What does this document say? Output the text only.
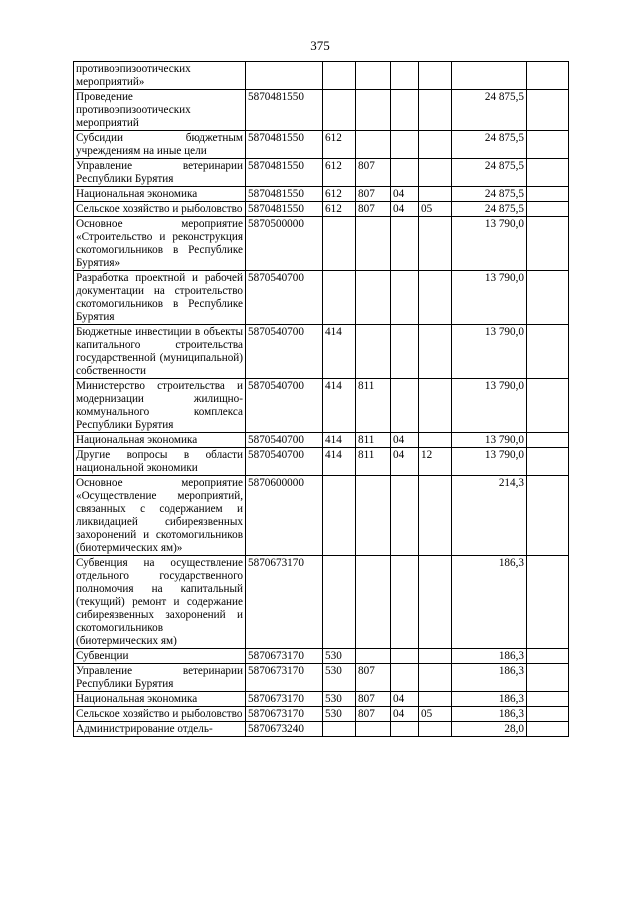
375
противоэпизоотических мероприятий»							
Проведение противоэпизоотических мероприятий	5870481550					24 875,5	
Субсидии бюджетным учреждениям на иные цели	5870481550	612				24 875,5	
Управление ветеринарии Республики Бурятия	5870481550	612	807			24 875,5	
Национальная экономика	5870481550	612	807	04		24 875,5	
Сельское хозяйство и рыболовство	5870481550	612	807	04	05	24 875,5	
Основное мероприятие «Строительство и реконструкция скотомогильников в Республике Бурятия»	5870500000					13 790,0	
Разработка проектной и рабочей документации на строительство скотомогильников в Республике Бурятия	5870540700					13 790,0	
Бюджетные инвестиции в объекты капитального строительства государственной (муниципальной) собственности	5870540700	414				13 790,0	
Министерство строительства и модернизации жилищно-коммунального комплекса Республики Бурятия	5870540700	414	811			13 790,0	
Национальная экономика	5870540700	414	811	04		13 790,0	
Другие вопросы в области национальной экономики	5870540700	414	811	04	12	13 790,0	
Основное мероприятие «Осуществление мероприятий, связанных с содержанием и ликвидацией сибиреязвенных захоронений и скотомогильников (биотермических ям)»	5870600000					214,3	
Субвенция на осуществление отдельного государственного полномочия на капитальный (текущий) ремонт и содержание сибиреязвенных захоронений и скотомогильников (биотермических ям)	5870673170					186,3	
Субвенции	5870673170	530				186,3	
Управление ветеринарии Республики Бурятия	5870673170	530	807			186,3	
Национальная экономика	5870673170	530	807	04		186,3	
Сельское хозяйство и рыболовство	5870673170	530	807	04	05	186,3	
Администрирование отдель-	5870673240					28,0	
